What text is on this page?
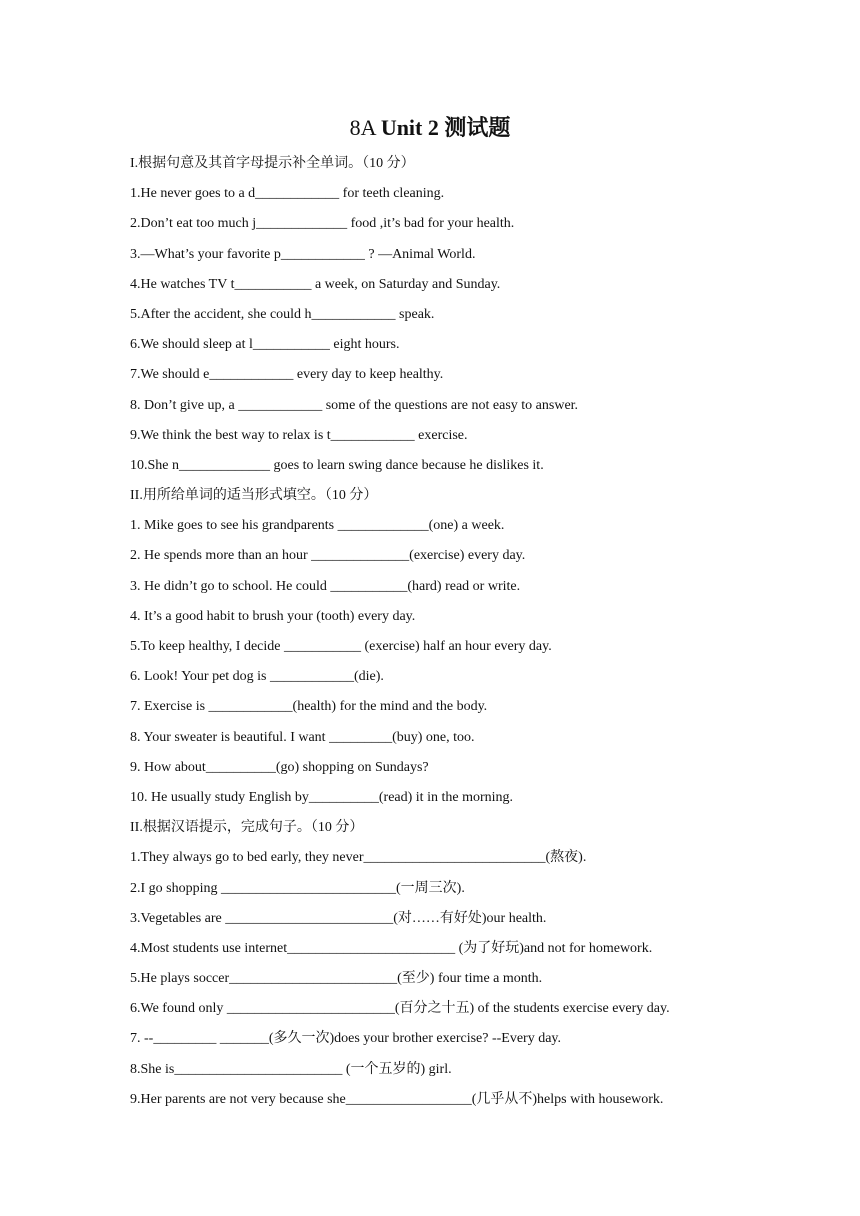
8A Unit 2 测试题
I.根据句意及其首字母提示补全单词。（10 分）
1.He never goes to a d____________ for teeth cleaning.
2.Don’t eat too much j_____________ food ,it’s bad for your health.
3.—What’s your favorite p____________ ? —Animal World.
4.He watches TV t___________ a week, on Saturday and Sunday.
5.After the accident, she could h____________ speak.
6.We should sleep at l___________ eight hours.
7.We should e____________ every day to keep healthy.
8. Don’t give up, a ____________ some of the questions are not easy to answer.
9.We think the best way to relax is t____________ exercise.
10.She n_____________ goes to learn swing dance because he dislikes it.
II.用所给单词的适当形式填空。（10 分）
1. Mike goes to see his grandparents _____________(one) a week.
2. He spends more than an hour ______________(exercise) every day.
3. He didn’t go to school. He could ___________(hard) read or write.
4. It’s a good habit to brush your (tooth) every day.
5.To keep healthy, I decide ___________ (exercise) half an hour every day.
6. Look! Your pet dog is ____________(die).
7. Exercise is ____________(health) for the mind and the body.
8. Your sweater is beautiful. I want _________(buy) one, too.
9. How about__________(go) shopping on Sundays?
10. He usually study English by__________(read) it in the morning.
II.根据汉语提示，完成句子。（10 分）
1.They always go to bed early, they never__________________________(熬夜).
2.I go shopping _________________________(一周三次).
3.Vegetables are ________________________(对……有好处)our health.
4.Most students use internet________________________ (为了好玩)and not for homework.
5.He plays soccer________________________(至少) four time a month.
6.We found only ________________________(百分之十五) of the students exercise every day.
7. --_________ _______(多久一次)does your brother exercise? --Every day.
8.She is________________________ (一个五岁的) girl.
9.Her parents are not very because she__________________(几乎从不)helps with housework.
